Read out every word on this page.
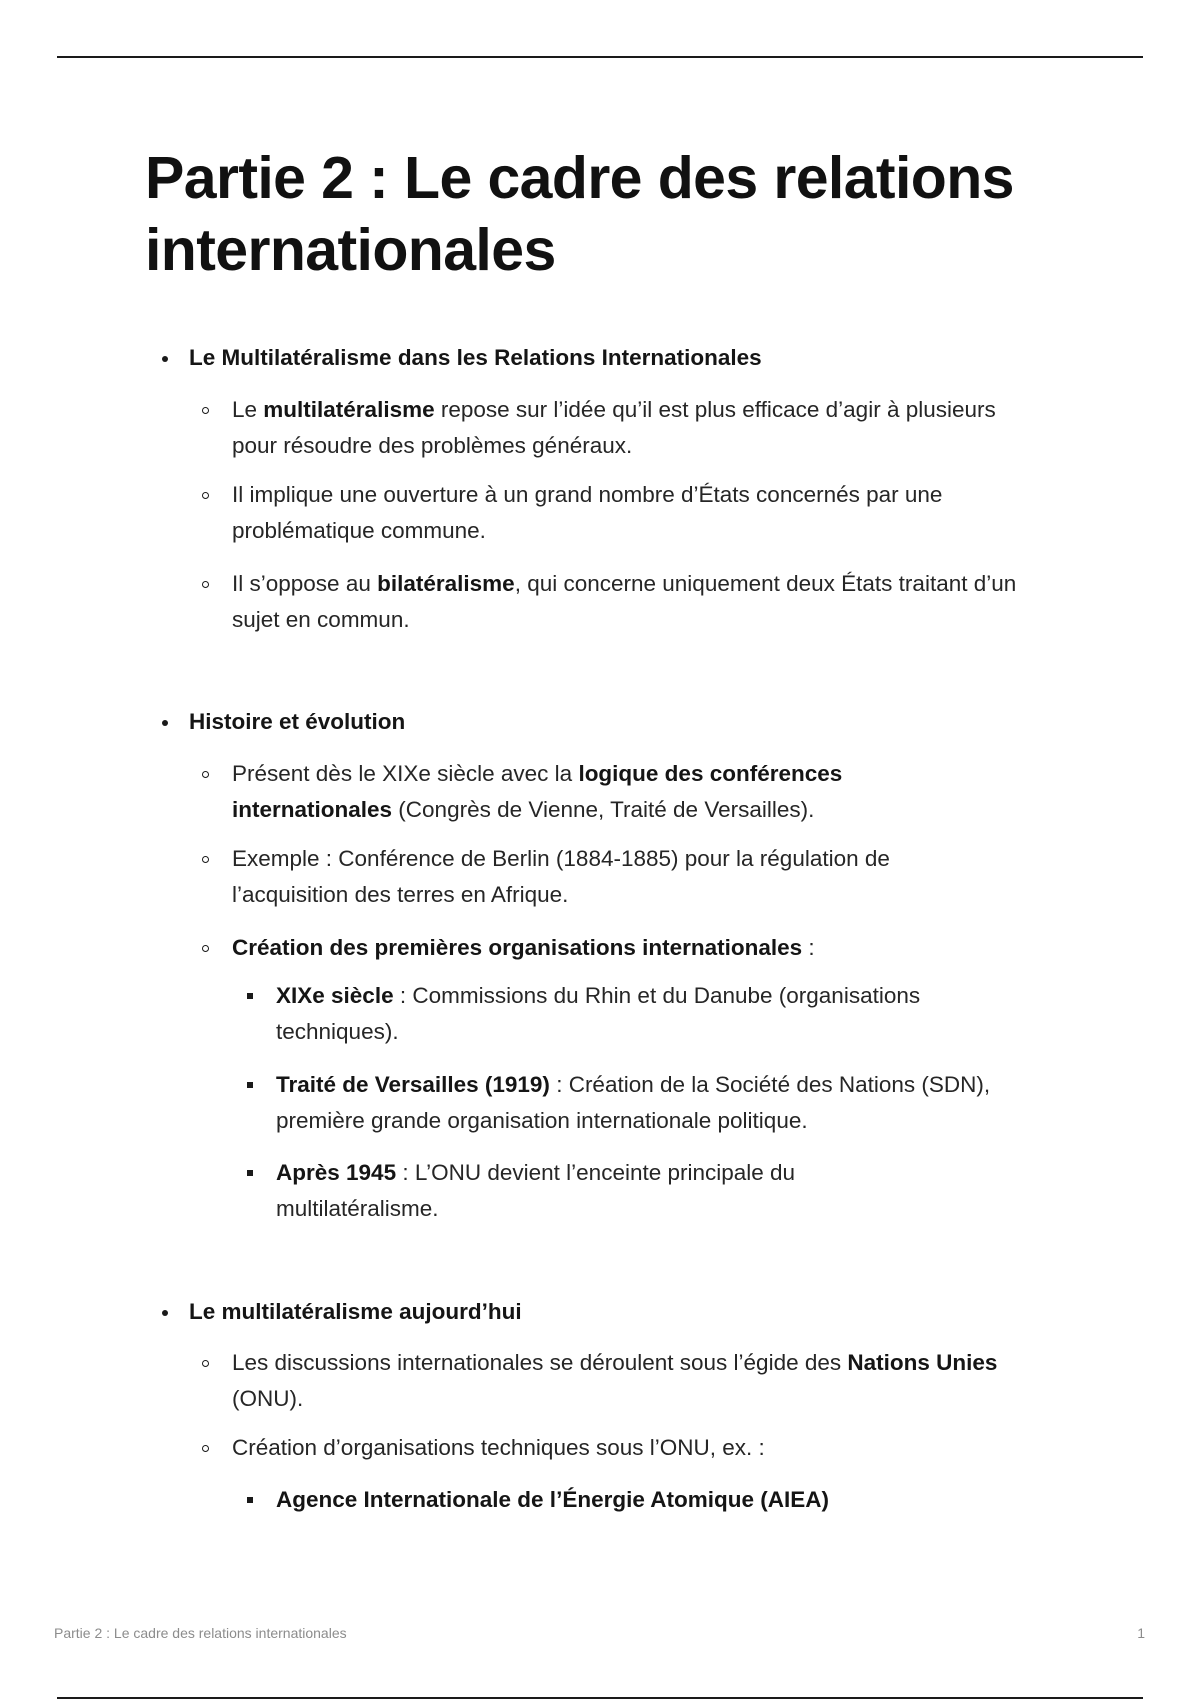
Partie 2 : Le cadre des relations internationales
Le Multilatéralisme dans les Relations Internationales
Le multilatéralisme repose sur l’idée qu’il est plus efficace d’agir à plusieurs pour résoudre des problèmes généraux.
Il implique une ouverture à un grand nombre d’États concernés par une problématique commune.
Il s’oppose au bilatéralisme, qui concerne uniquement deux États traitant d’un sujet en commun.
Histoire et évolution
Présent dès le XIXe siècle avec la logique des conférences internationales (Congrès de Vienne, Traité de Versailles).
Exemple : Conférence de Berlin (1884-1885) pour la régulation de l’acquisition des terres en Afrique.
Création des premières organisations internationales :
XIXe siècle : Commissions du Rhin et du Danube (organisations techniques).
Traité de Versailles (1919) : Création de la Société des Nations (SDN), première grande organisation internationale politique.
Après 1945 : L’ONU devient l’enceinte principale du multilatéralisme.
Le multilatéralisme aujourd’hui
Les discussions internationales se déroulent sous l’égide des Nations Unies (ONU).
Création d’organisations techniques sous l’ONU, ex. :
Agence Internationale de l’Énergie Atomique (AIEA)
Partie 2 : Le cadre des relations internationales	1
